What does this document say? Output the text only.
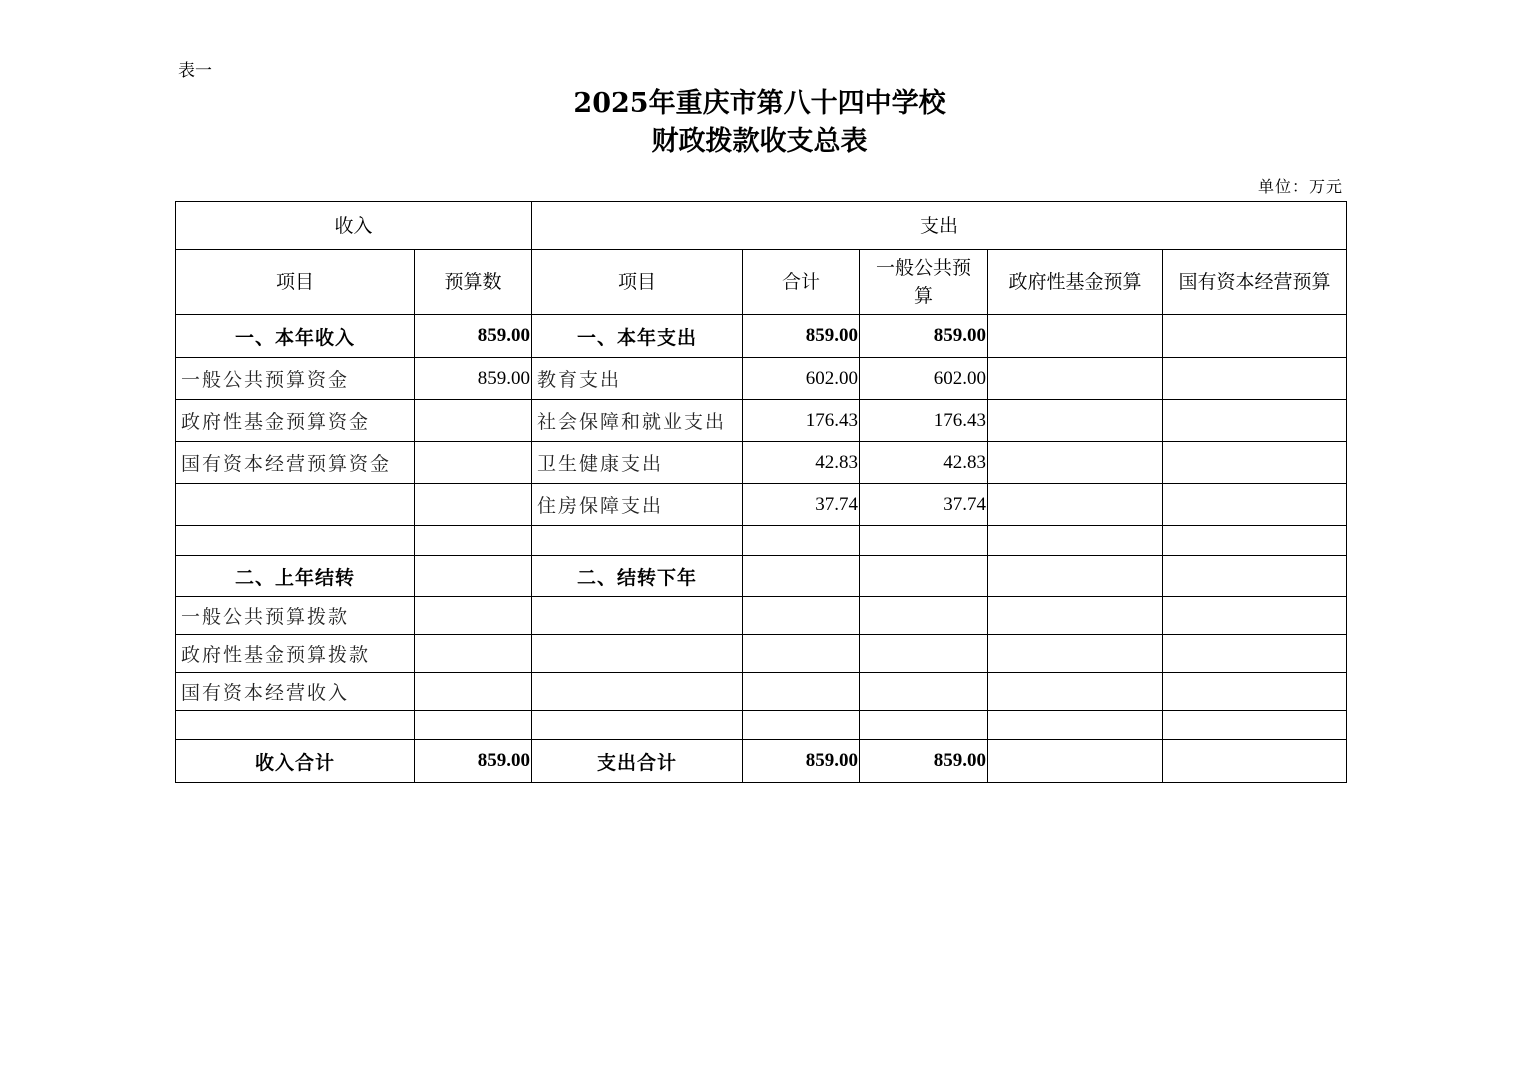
表一
2025年重庆市第八十四中学校
财政拨款收支总表
单位：万元
收入		支出				
项目	预算数	项目	合计	一般公共预算	政府性基金预算	国有资本经营预算
一、本年收入	859.00	一、本年支出	859.00	859.00		
一般公共预算资金	859.00	教育支出	602.00	602.00		
政府性基金预算资金		社会保障和就业支出	176.43	176.43		
国有资本经营预算资金		卫生健康支出	42.83	42.83		
		住房保障支出	37.74	37.74		

二、上年结转		二、结转下年				
一般公共预算拨款						
政府性基金预算拨款						
国有资本经营收入						

收入合计	859.00	支出合计	859.00	859.00		
